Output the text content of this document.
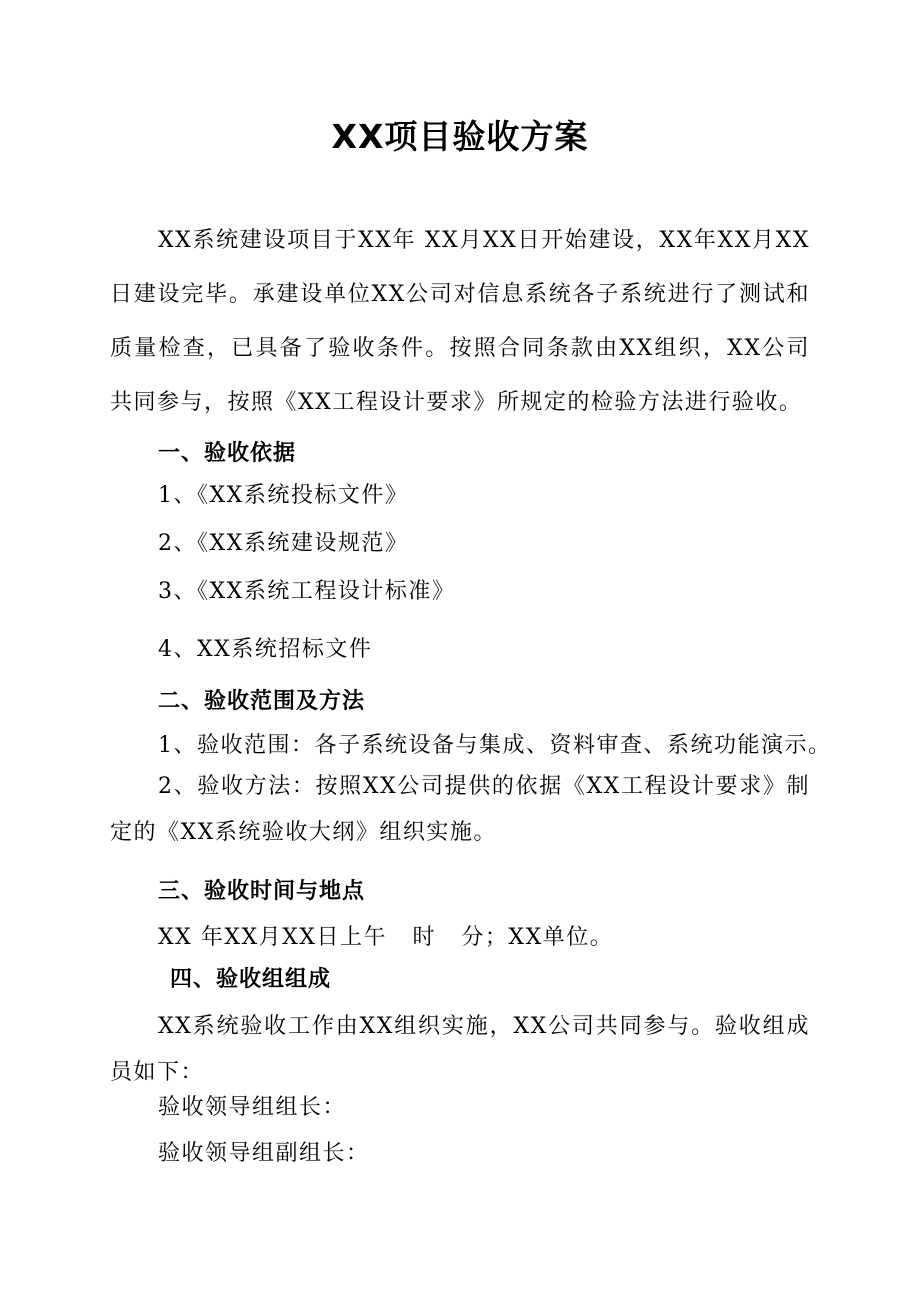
XX项目验收方案
XX系统建设项目于XX年 XX月XX日开始建设，XX年XX月XX日建设完毕。承建设单位XX公司对信息系统各子系统进行了测试和质量检查，已具备了验收条件。按照合同条款由XX组织，XX公司共同参与，按照《XX工程设计要求》所规定的检验方法进行验收。
一、验收依据
1、《XX系统投标文件》
2、《XX系统建设规范》
3、《XX系统工程设计标准》
4、XX系统招标文件
二、验收范围及方法
1、验收范围：各子系统设备与集成、资料审查、系统功能演示。
2、验收方法：按照XX公司提供的依据《XX工程设计要求》制定的《XX系统验收大纲》组织实施。
三、验收时间与地点
XX 年XX月XX日上午   时   分；XX单位。
四、验收组组成
XX系统验收工作由XX组织实施，XX公司共同参与。验收组成员如下：
验收领导组组长：
验收领导组副组长：
